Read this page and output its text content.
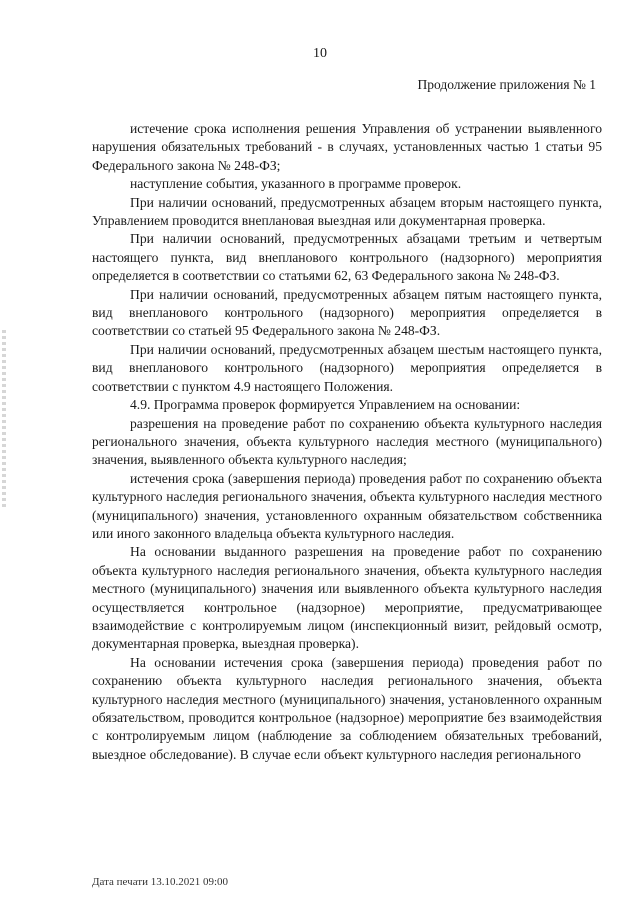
10
Продолжение приложения № 1

истечение срока исполнения решения Управления об устранении выявленного нарушения обязательных требований - в случаях, установленных частью 1 статьи 95 Федерального закона № 248-ФЗ;

наступление события, указанного в программе проверок.

При наличии оснований, предусмотренных абзацем вторым настоящего пункта, Управлением проводится внеплановая выездная или документарная проверка.

При наличии оснований, предусмотренных абзацами третьим и четвертым настоящего пункта, вид внепланового контрольного (надзорного) мероприятия определяется в соответствии со статьями 62, 63 Федерального закона № 248-ФЗ.

При наличии оснований, предусмотренных абзацем пятым настоящего пункта, вид внепланового контрольного (надзорного) мероприятия определяется в соответствии со статьей 95 Федерального закона № 248-ФЗ.

При наличии оснований, предусмотренных абзацем шестым настоящего пункта, вид внепланового контрольного (надзорного) мероприятия определяется в соответствии с пунктом 4.9 настоящего Положения.

4.9. Программа проверок формируется Управлением на основании:

разрешения на проведение работ по сохранению объекта культурного наследия регионального значения, объекта культурного наследия местного (муниципального) значения, выявленного объекта культурного наследия;

истечения срока (завершения периода) проведения работ по сохранению объекта культурного наследия регионального значения, объекта культурного наследия местного (муниципального) значения, установленного охранным обязательством собственника или иного законного владельца объекта культурного наследия.

На основании выданного разрешения на проведение работ по сохранению объекта культурного наследия регионального значения, объекта культурного наследия местного (муниципального) значения или выявленного объекта культурного наследия осуществляется контрольное (надзорное) мероприятие, предусматривающее взаимодействие с контролируемым лицом (инспекционный визит, рейдовый осмотр, документарная проверка, выездная проверка).

На основании истечения срока (завершения периода) проведения работ по сохранению объекта культурного наследия регионального значения, объекта культурного наследия местного (муниципального) значения, установленного охранным обязательством, проводится контрольное (надзорное) мероприятие без взаимодействия с контролируемым лицом (наблюдение за соблюдением обязательных требований, выездное обследование). В случае если объект культурного наследия регионального

Дата печати 13.10.2021 09:00
